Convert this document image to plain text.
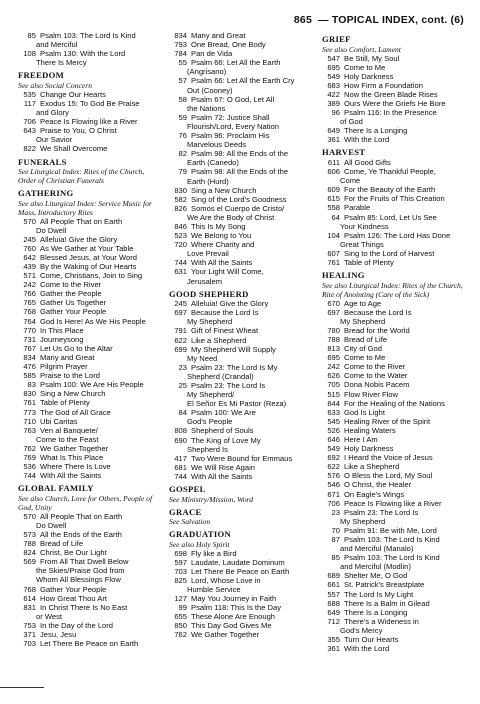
865 — TOPICAL INDEX, cont. (6)
85 Psalm 103: The Lord Is Kind
and Merciful
108 Psalm 130: With the Lord
There Is Mercy
FREEDOM
See also Social Concern
535 Change Our Hearts
117 Exodus 15: To God Be Praise
and Glory
706 Peace Is Flowing like a River
643 Praise to You, O Christ
Our Savior
822 We Shall Overcome
FUNERALS
See Liturgical Index: Rites of the Church, Order of Christian Funerals
GATHERING
See also Liturgical Index: Service Music for Mass, Introductory Rites
570 All People That on Earth
Do Dwell
245 Alleluia! Give the Glory
760 As We Gather at Your Table
642 Blessed Jesus, at Your Word
439 By the Waking of Our Hearts
571 Come, Christians, Join to Sing
242 Come to the River
766 Gather the People
765 Gather Us Together
768 Gather Your People
764 God Is Here! As We His People
770 In This Place
731 Journeysong
767 Let Us Go to the Altar
834 Many and Great
476 Pilgrim Prayer
585 Praise to the Lord
83 Psalm 100: We Are His People
830 Sing a New Church
761 Table of Plenty
773 The God of All Grace
710 Ubi Caritas
763 Ven al Banquete/
Come to the Feast
762 We Gather Together
769 What Is This Place
536 Where There Is Love
744 With All the Saints
GLOBAL FAMILY
See also Church, Love for Others, People of God, Unity
570 All People That on Earth
Do Dwell
573 All the Ends of the Earth
788 Bread of Life
824 Christ, Be Our Light
569 From All That Dwell Below
the Skies/Praise God from
Whom All Blessings Flow
768 Gather Your People
614 How Great Thou Art
831 In Christ There Is No East
or West
753 In the Day of the Lord
371 Jesu, Jesu
703 Let There Be Peace on Earth
834 Many and Great
793 One Bread, One Body
784 Pan de Vida
55 Psalm 66: Let All the Earth
(Angrisano)
57 Psalm 66: Let All the Earth Cry
Out (Cooney)
58 Psalm 67: O God, Let All
the Nations
59 Psalm 72: Justice Shall
Flourish/Lord, Every Nation
76 Psalm 96: Proclaim His
Marvelous Deeds
82 Psalm 98: All the Ends of the
Earth (Canedo)
79 Psalm 98: All the Ends of the
Earth (Hurd)
830 Sing a New Church
582 Sing of the Lord's Goodness
826 Somos el Cuerpo de Cristo/
We Are the Body of Christ
846 This Is My Song
523 We Belong to You
720 Where Charity and
Love Prevail
744 With All the Saints
631 Your Light Will Come,
Jerusalem
GOOD SHEPHERD
245 Alleluia! Give the Glory
697 Because the Lord Is
My Shepherd
791 Gift of Finest Wheat
622 Like a Shepherd
699 My Shepherd Will Supply
My Need
23 Psalm 23: The Lord Is My
Shepherd (Crandal)
25 Psalm 23: The Lord Is
My Shepherd/
El Señor Es Mi Pastor (Reza)
84 Psalm 100: We Are
God's People
808 Shepherd of Souls
690 The King of Love My
Shepherd Is
417 Two Were Bound for Emmaus
681 We Will Rise Again
744 With All the Saints
GOSPEL
See Ministry/Mission, Word
GRACE
See Salvation
GRADUATION
See also Holy Spirit
698 Fly like a Bird
597 Laudate, Laudate Dominum
703 Let There Be Peace on Earth
825 Lord, Whose Love in
Humble Service
127 May You Journey in Faith
99 Psalm 118: This Is the Day
655 These Alone Are Enough
850 This Day God Gives Me
762 We Gather Together
GRIEF
See also Comfort, Lament
547 Be Still, My Soul
695 Come to Me
549 Holy Darkness
683 How Firm a Foundation
422 Now the Green Blade Rises
389 Ours Were the Griefs He Bore
96 Psalm 116: In the Presence
of God
649 There Is a Longing
361 With the Lord
HARVEST
611 All Good Gifts
606 Come, Ye Thankful People,
Come
609 For the Beauty of the Earth
615 For the Fruits of This Creation
558 Parable
64 Psalm 85: Lord, Let Us See
Your Kindness
104 Psalm 126: The Lord Has Done
Great Things
607 Sing to the Lord of Harvest
761 Table of Plenty
HEALING
See also Liturgical Index: Rites of the Church, Rite of Anointing (Care of the Sick)
670 Age to Age
697 Because the Lord Is
My Shepherd
780 Bread for the World
788 Bread of Life
813 City of God
695 Come to Me
242 Come to the River
626 Come to the Water
705 Dona Nobis Pacem
515 Flow River Flow
844 For the Healing of the Nations
633 God Is Light
545 Healing River of the Spirit
526 Healing Waters
646 Here I Am
549 Holy Darkness
692 I Heard the Voice of Jesus
622 Like a Shepherd
576 O Bless the Lord, My Soul
546 O Christ, the Healer
671 On Eagle's Wings
706 Peace Is Flowing like a River
23 Psalm 23: The Lord Is
My Shepherd
70 Psalm 91: Be with Me, Lord
87 Psalm 103: The Lord Is Kind
and Merciful (Manalo)
85 Psalm 103: The Lord Is Kind
and Merciful (Modlin)
689 Shelter Me, O God
661 St. Patrick's Breastplate
557 The Lord Is My Light
688 There Is a Balm in Gilead
649 There Is a Longing
712 There's a Wideness in
God's Mercy
355 Turn Our Hearts
361 With the Lord
